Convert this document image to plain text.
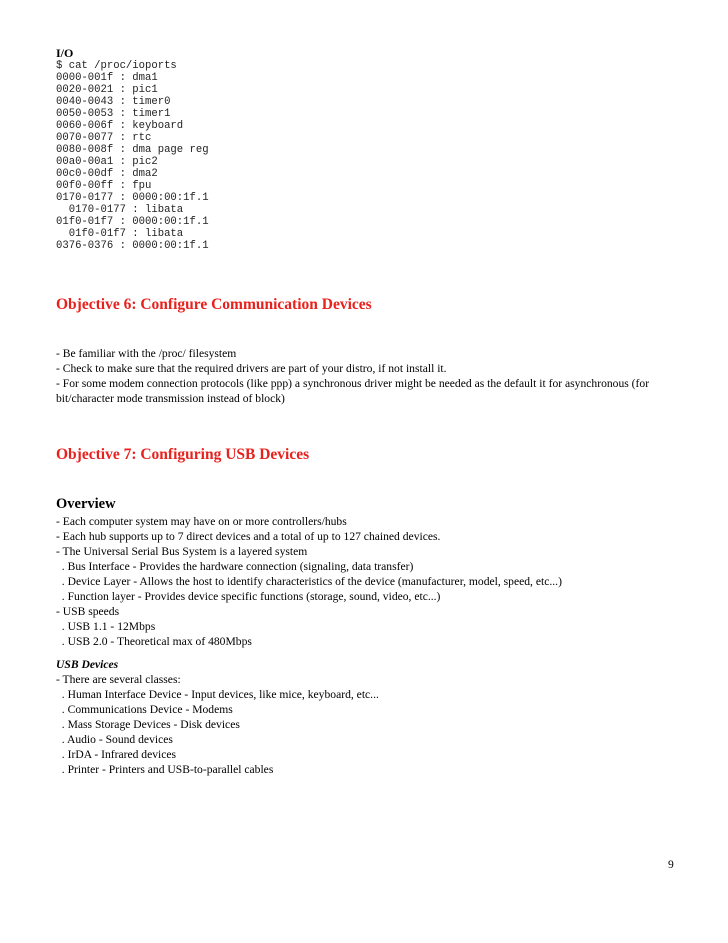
I/O
$ cat /proc/ioports
0000-001f : dma1
0020-0021 : pic1
0040-0043 : timer0
0050-0053 : timer1
0060-006f : keyboard
0070-0077 : rtc
0080-008f : dma page reg
00a0-00a1 : pic2
00c0-00df : dma2
00f0-00ff : fpu
0170-0177 : 0000:00:1f.1
0170-0177 : libata
01f0-01f7 : 0000:00:1f.1
01f0-01f7 : libata
0376-0376 : 0000:00:1f.1
Objective 6: Configure Communication Devices
- Be familiar with the /proc/ filesystem
- Check to make sure that the required drivers are part of your distro, if not install it.
- For some modem connection protocols (like ppp) a synchronous driver might be needed as the default it for asynchronous (for bit/character mode transmission instead of block)
Objective 7: Configuring USB Devices
Overview
- Each computer system may have on or more controllers/hubs
- Each hub supports up to 7 direct devices and a total of up to 127 chained devices.
- The Universal Serial Bus System is a layered system
. Bus Interface - Provides the hardware connection (signaling, data transfer)
. Device Layer - Allows the host to identify characteristics of the device (manufacturer, model, speed, etc...)
. Function layer - Provides device specific functions (storage, sound, video, etc...)
- USB speeds
. USB 1.1 - 12Mbps
. USB 2.0 - Theoretical max of 480Mbps
USB Devices
- There are several classes:
. Human Interface Device - Input devices, like mice, keyboard, etc...
. Communications Device - Modems
. Mass Storage Devices - Disk devices
. Audio - Sound devices
. IrDA - Infrared devices
. Printer - Printers and USB-to-parallel cables
9
